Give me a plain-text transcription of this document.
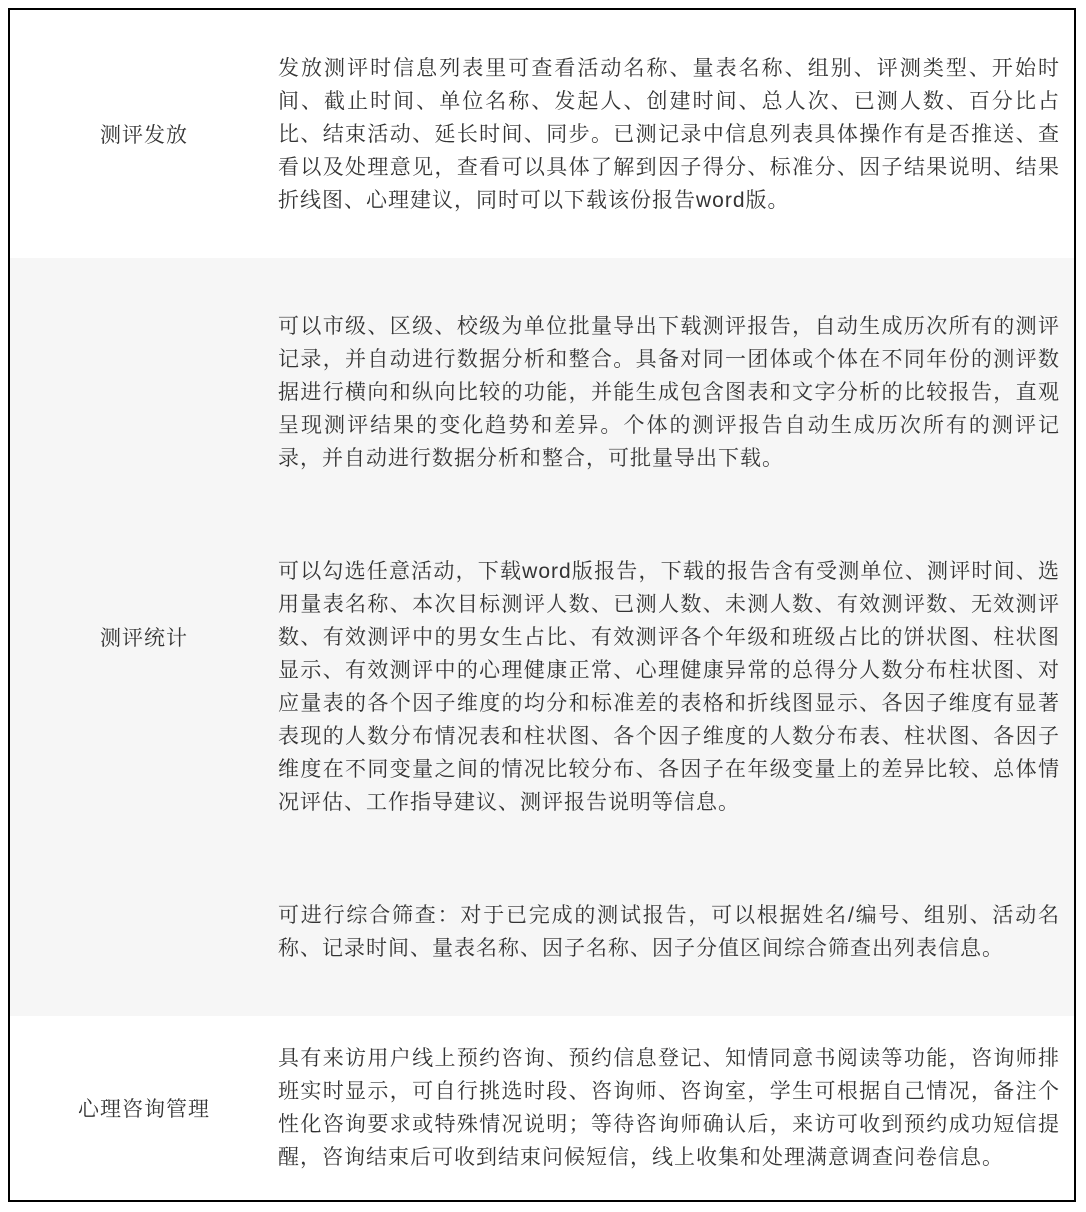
测评发放

发放测评时信息列表里可查看活动名称、量表名称、组别、评测类型、开始时间、截止时间、单位名称、发起人、创建时间、总人次、已测人数、百分比占比、结束活动、延长时间、同步。已测记录中信息列表具体操作有是否推送、查看以及处理意见，查看可以具体了解到因子得分、标准分、因子结果说明、结果折线图、心理建议，同时可以下载该份报告word版。

测评统计

可以市级、区级、校级为单位批量导出下载测评报告，自动生成历次所有的测评记录，并自动进行数据分析和整合。具备对同一团体或个体在不同年份的测评数据进行横向和纵向比较的功能，并能生成包含图表和文字分析的比较报告，直观呈现测评结果的变化趋势和差异。个体的测评报告自动生成历次所有的测评记录，并自动进行数据分析和整合，可批量导出下载。

可以勾选任意活动，下载word版报告，下载的报告含有受测单位、测评时间、选用量表名称、本次目标测评人数、已测人数、未测人数、有效测评数、无效测评数、有效测评中的男女生占比、有效测评各个年级和班级占比的饼状图、柱状图显示、有效测评中的心理健康正常、心理健康异常的总得分人数分布柱状图、对应量表的各个因子维度的均分和标准差的表格和折线图显示、各因子维度有显著表现的人数分布情况表和柱状图、各个因子维度的人数分布表、柱状图、各因子维度在不同变量之间的情况比较分布、各因子在年级变量上的差异比较、总体情况评估、工作指导建议、测评报告说明等信息。

可进行综合筛查：对于已完成的测试报告，可以根据姓名/编号、组别、活动名称、记录时间、量表名称、因子名称、因子分值区间综合筛查出列表信息。

心理咨询管理

具有来访用户线上预约咨询、预约信息登记、知情同意书阅读等功能，咨询师排班实时显示，可自行挑选时段、咨询师、咨询室，学生可根据自己情况，备注个性化咨询要求或特殊情况说明；等待咨询师确认后，来访可收到预约成功短信提醒，咨询结束后可收到结束问候短信，线上收集和处理满意调查问卷信息。
